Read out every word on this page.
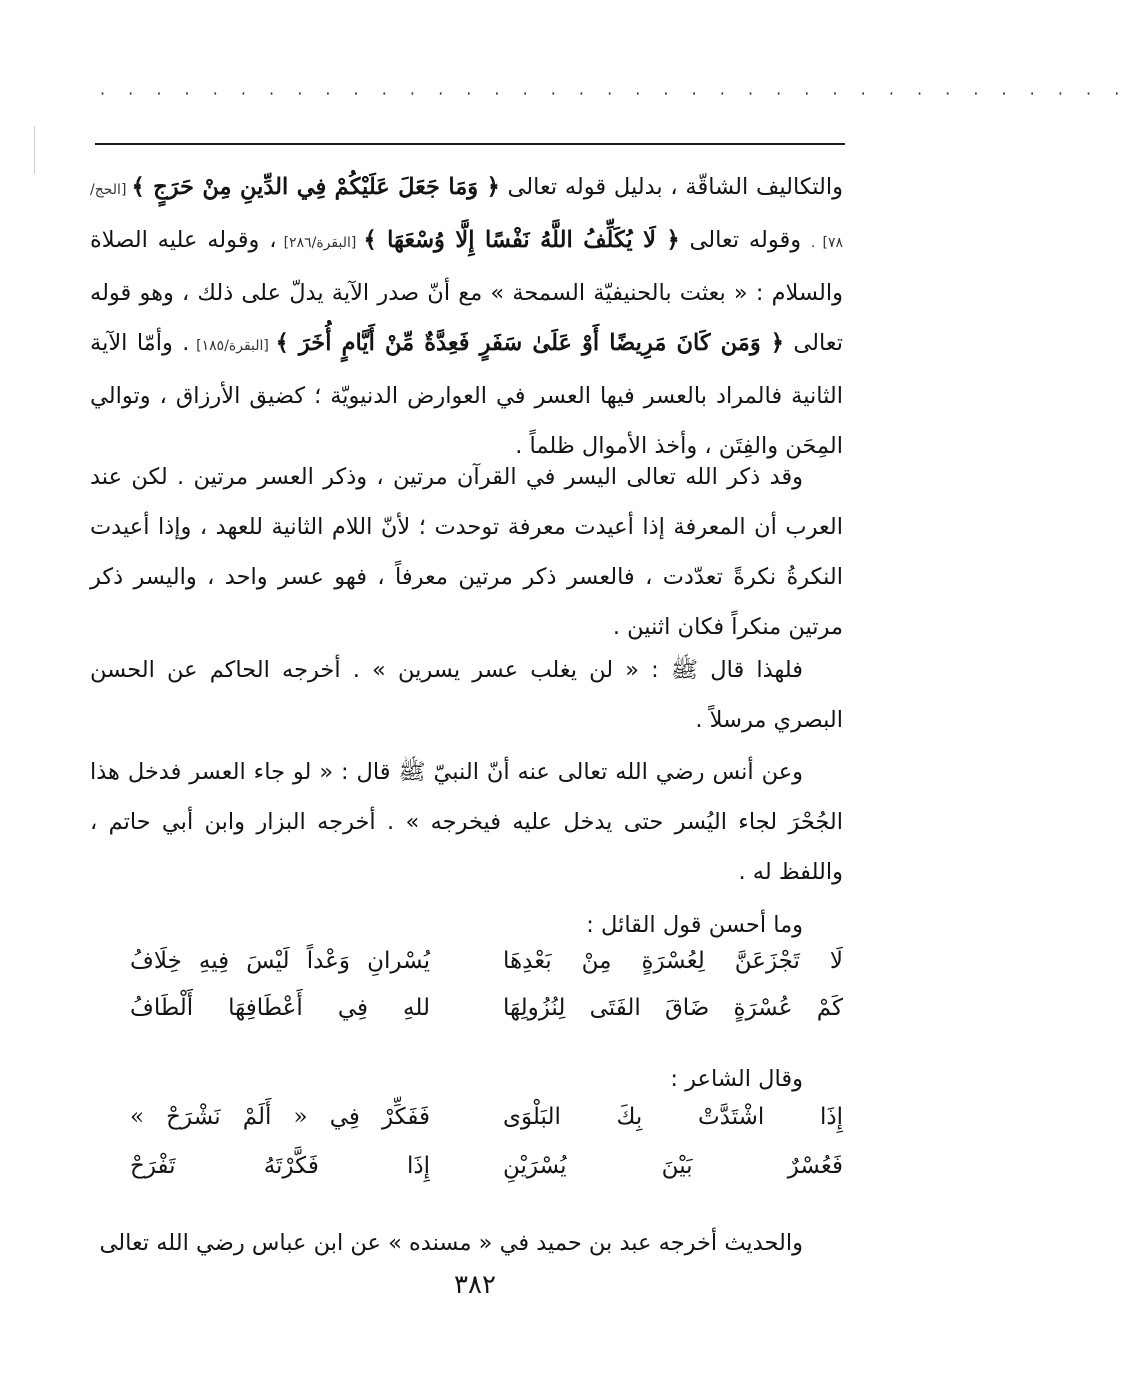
· · · · · · · · · · · · · · · · · · · · · · · · · · · · · · · · · · · · ·

والتكاليف الشاقّة ، بدليل قوله تعالى ﴿ وَمَا جَعَلَ عَلَيْكُمْ فِي الدِّينِ مِنْ حَرَجٍ ﴾ [الحج/٧٨] . وقوله تعالى ﴿ لَا يُكَلِّفُ اللَّهُ نَفْسًا إِلَّا وُسْعَهَا ﴾ [البقرة/٢٨٦] ، وقوله عليه الصلاة والسلام : « بعثت بالحنيفيّة السمحة » مع أنّ صدر الآية يدلّ على ذلك ، وهو قوله تعالى ﴿ وَمَن كَانَ مَرِيضًا أَوْ عَلَىٰ سَفَرٍ فَعِدَّةٌ مِّنْ أَيَّامٍ أُخَرَ ﴾ [البقرة/١٨٥] . وأمّا الآية الثانية فالمراد بالعسر فيها العسر في العوارض الدنيويّة ؛ كضيق الأرزاق ، وتوالي المِحَن والفِتَن ، وأخذ الأموال ظلماً .

وقد ذكر الله تعالى اليسر في القرآن مرتين ، وذكر العسر مرتين . لكن عند العرب أن المعرفة إذا أعيدت معرفة توحدت ؛ لأنّ اللام الثانية للعهد ، وإذا أعيدت النكرةُ نكرةً تعدّدت ، فالعسر ذكر مرتين معرفاً ، فهو عسر واحد ، واليسر ذكر مرتين منكراً فكان اثنين .

فلهذا قال ﷺ : « لن يغلب عسر يسرين » . أخرجه الحاكم عن الحسن البصري مرسلاً .

وعن أنس رضي الله تعالى عنه أنّ النبيّ ﷺ قال : « لو جاء العسر فدخل هذا الجُحْرَ لجاء اليُسر حتى يدخل عليه فيخرجه » . أخرجه البزار وابن أبي حاتم ، واللفظ له .

وما أحسن قول القائل :

لَا تَجْزَعَنَّ لِعُسْرَةٍ مِنْ بَعْدِهَا
يُسْرانِ وَعْداً لَيْسَ فِيهِ خِلَافُ
كَمْ عُسْرَةٍ ضَاقَ الفَتَى لِنُزُولِهَا
للهِ فِي أَعْطَافِهَا أَلْطَافُ

وقال الشاعر :

إِذَا اشْتَدَّتْ بِكَ البَلْوَى
فَفَكِّرْ فِي « أَلَمْ نَشْرَحْ »
فَعُسْرٌ بَيْنَ يُسْرَيْنِ
إِذَا فَكَّرْتَهُ تَفْرَحْ

والحديث أخرجه عبد بن حميد في « مسنده » عن ابن عباس رضي الله تعالى

٣٨٢
